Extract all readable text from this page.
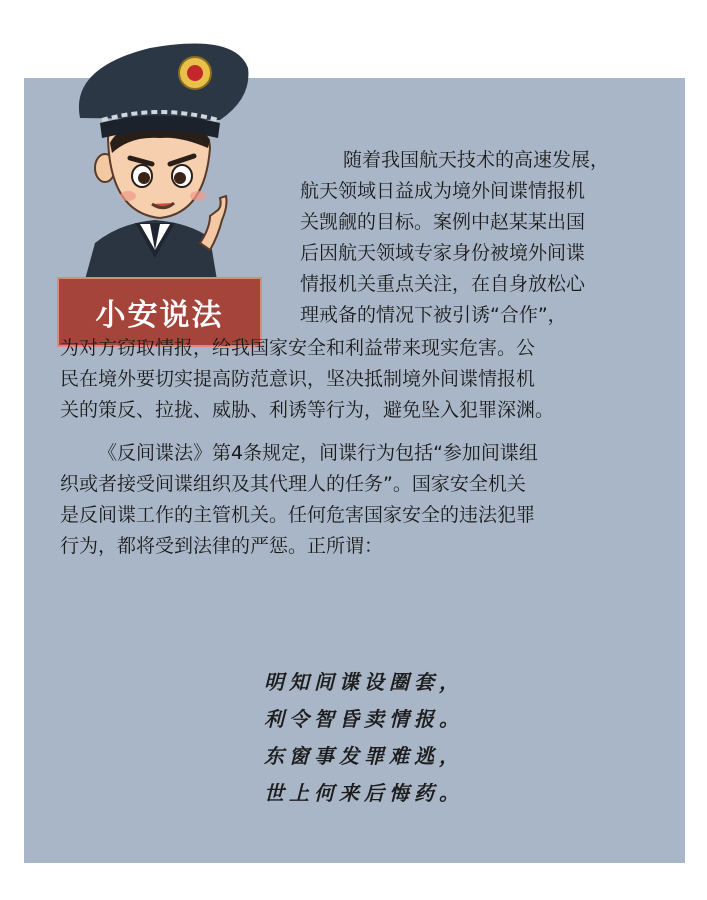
小安说法
随着我国航天技术的高速发展，
航天领域日益成为境外间谍情报机
关觊觎的目标。案例中赵某某出国
后因航天领域专家身份被境外间谍
情报机关重点关注，在自身放松心
理戒备的情况下被引诱“合作”，
为对方窃取情报，给我国家安全和利益带来现实危害。公
民在境外要切实提高防范意识，坚决抵制境外间谍情报机
关的策反、拉拢、威胁、利诱等行为，避免坠入犯罪深渊。
《反间谍法》第4条规定，间谍行为包括“参加间谍组
织或者接受间谍组织及其代理人的任务”。国家安全机关
是反间谍工作的主管机关。任何危害国家安全的违法犯罪
行为，都将受到法律的严惩。正所谓：
明知间谍设圈套，
利令智昏卖情报。
东窗事发罪难逃，
世上何来后悔药。
